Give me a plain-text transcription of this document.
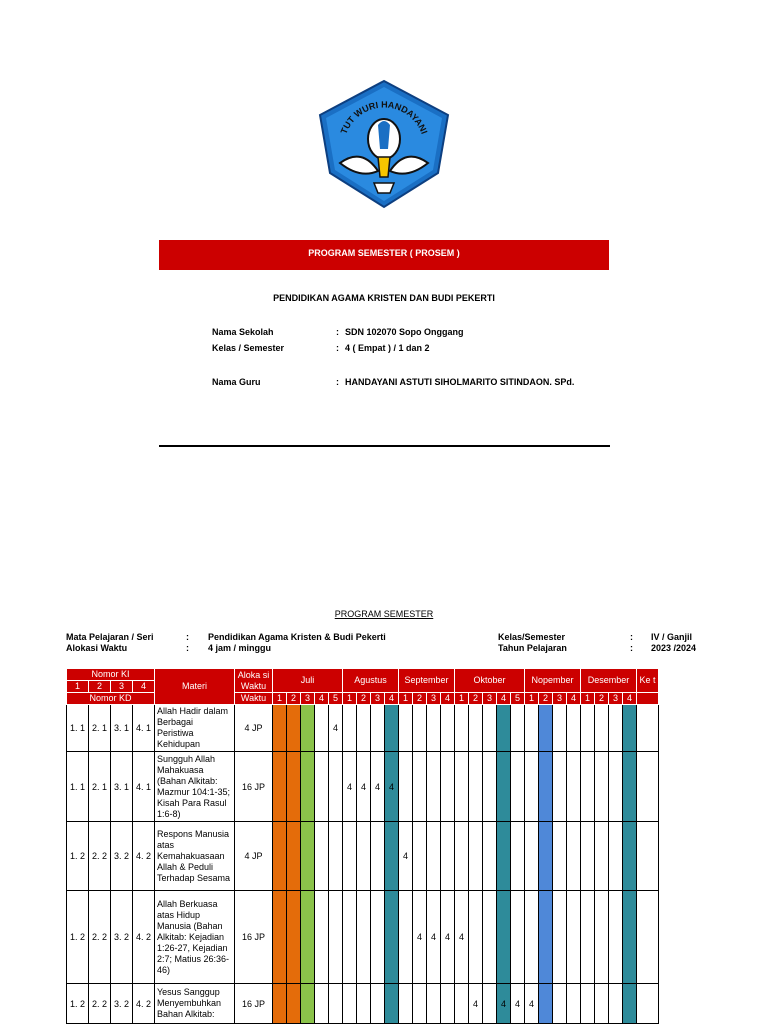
TUT WURI HANDAYANI
PROGRAM SEMESTER ( PROSEM )
PENDIDIKAN AGAMA KRISTEN DAN BUDI PEKERTI
Nama Sekolah	: SDN 102070 Sopo Onggang
Kelas / Semester	: 4 ( Empat ) / 1 dan 2
Nama Guru	: HANDAYANI ASTUTI SIHOLMARITO SITINDAON. SPd.
PROGRAM SEMESTER
Mata Pelajaran / Seri	: Pendidikan Agama Kristen & Budi Pekerti
Alokasi Waktu	: 4 jam / minggu
Kelas/Semester	: IV / Ganjil
Tahun Pelajaran	: 2023 /2024
Nomor KI				Materi	Aloka si Waktu	Juli					Agustus				September				Oktober					Nopember				Desember				Ke t
1	2	3	4																													
Nomor KD					Waktu	1	2	3	4	5	1	2	3	4	1	2	3	4	1	2	3	4	5	1	2	3	4	1	2	3	4	
1. 1	2. 1	3. 1	4. 1	Allah Hadir dalam Berbagai Peristiwa Kehidupan	4 JP					4																						
1. 1	2. 1	3. 1	4. 1	Sungguh Allah Mahakuasa (Bahan Alkitab: Mazmur 104:1-35; Kisah Para Rasul 1:6-8)	16 JP						4	4	4	4																		
1. 2	2. 2	3. 2	4. 2	Respons Manusia atas Kemahakuasaan Allah & Peduli Terhadap Sesama	4 JP										4																	
1. 2	2. 2	3. 2	4. 2	Allah Berkuasa atas Hidup Manusia (Bahan Alkitab: Kejadian 1:26-27, Kejadian 2:7; Matius 26:36-46)	16 JP											4	4	4	4													
1. 2	2. 2	3. 2	4. 2	Yesus Sanggup Menyembuhkan Bahan Alkitab:	16 JP															4		4	4	4								
